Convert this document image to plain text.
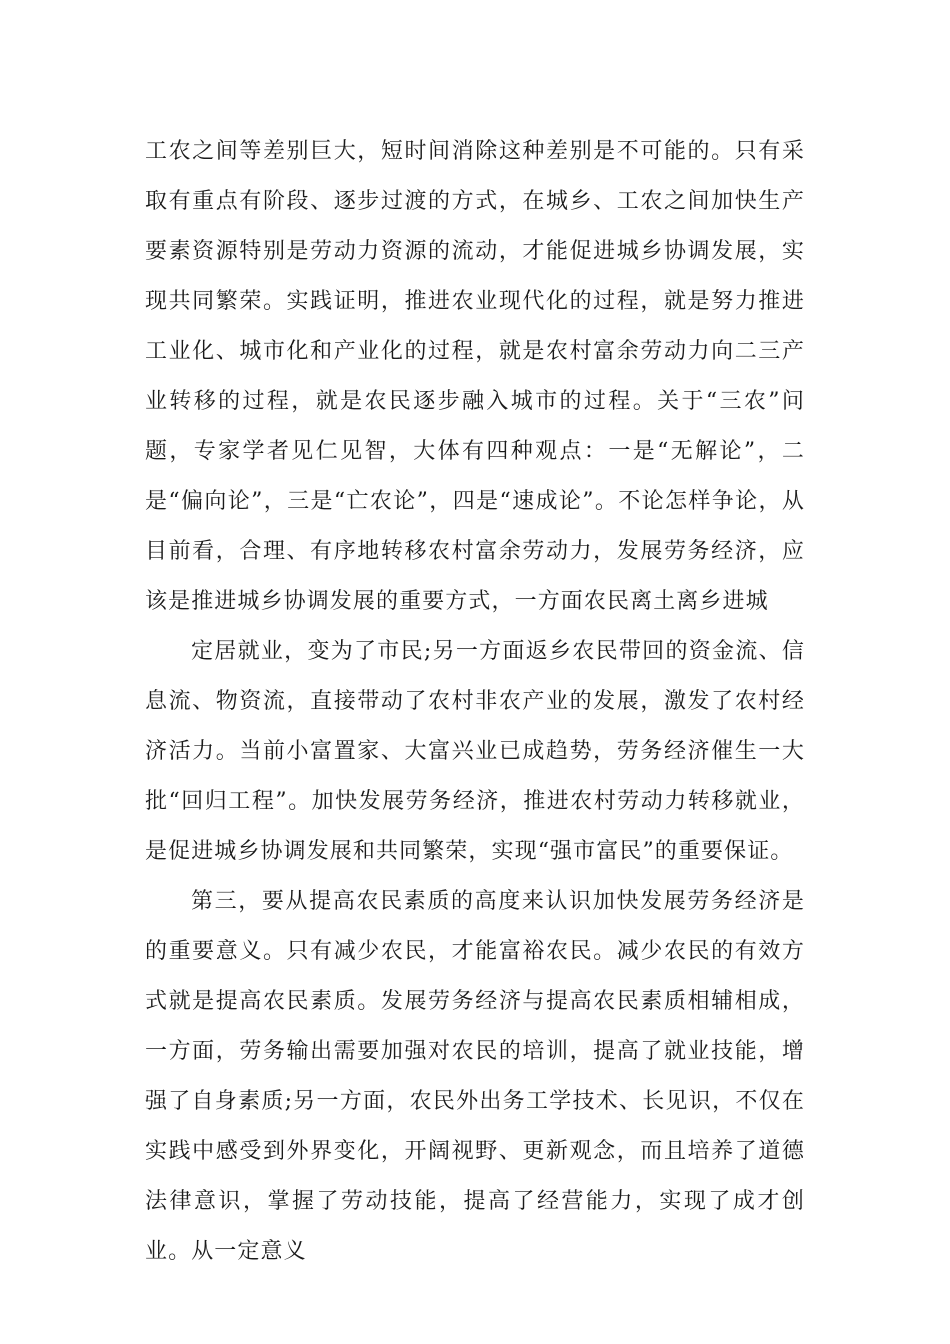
工农之间等差别巨大，短时间消除这种差别是不可能的。只有采取有重点有阶段、逐步过渡的方式，在城乡、工农之间加快生产要素资源特别是劳动力资源的流动，才能促进城乡协调发展，实现共同繁荣。实践证明，推进农业现代化的过程，就是努力推进工业化、城市化和产业化的过程，就是农村富余劳动力向二三产业转移的过程，就是农民逐步融入城市的过程。关于“三农”问题，专家学者见仁见智，大体有四种观点：一是“无解论”，二是“偏向论”，三是“亡农论”，四是“速成论”。不论怎样争论，从目前看，合理、有序地转移农村富余劳动力，发展劳务经济，应该是推进城乡协调发展的重要方式，一方面农民离土离乡进城

定居就业，变为了市民;另一方面返乡农民带回的资金流、信息流、物资流，直接带动了农村非农产业的发展，激发了农村经济活力。当前小富置家、大富兴业已成趋势，劳务经济催生一大批“回归工程”。加快发展劳务经济，推进农村劳动力转移就业，是促进城乡协调发展和共同繁荣，实现“强市富民”的重要保证。

第三，要从提高农民素质的高度来认识加快发展劳务经济是的重要意义。只有减少农民，才能富裕农民。减少农民的有效方式就是提高农民素质。发展劳务经济与提高农民素质相辅相成，一方面，劳务输出需要加强对农民的培训，提高了就业技能，增强了自身素质;另一方面，农民外出务工学技术、长见识，不仅在实践中感受到外界变化，开阔视野、更新观念，而且培养了道德法律意识，掌握了劳动技能，提高了经营能力，实现了成才创业。从一定意义
